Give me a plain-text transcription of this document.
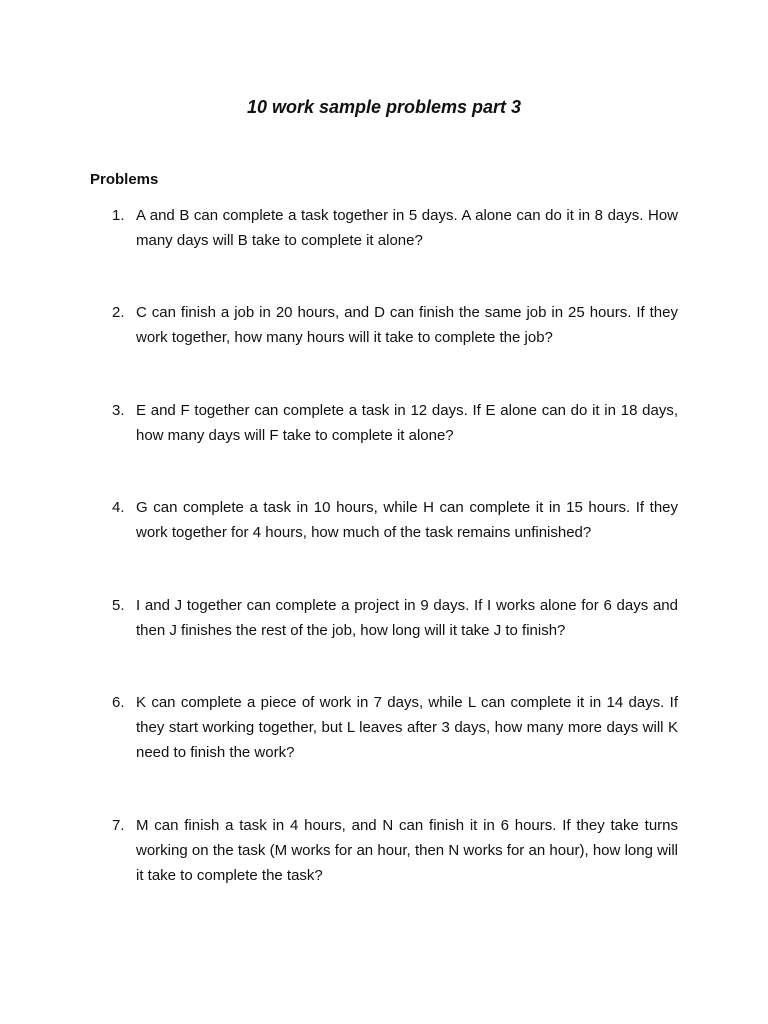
10 work sample problems part 3
Problems
1. A and B can complete a task together in 5 days. A alone can do it in 8 days. How many days will B take to complete it alone?
2. C can finish a job in 20 hours, and D can finish the same job in 25 hours. If they work together, how many hours will it take to complete the job?
3. E and F together can complete a task in 12 days. If E alone can do it in 18 days, how many days will F take to complete it alone?
4. G can complete a task in 10 hours, while H can complete it in 15 hours. If they work together for 4 hours, how much of the task remains unfinished?
5. I and J together can complete a project in 9 days. If I works alone for 6 days and then J finishes the rest of the job, how long will it take J to finish?
6. K can complete a piece of work in 7 days, while L can complete it in 14 days. If they start working together, but L leaves after 3 days, how many more days will K need to finish the work?
7. M can finish a task in 4 hours, and N can finish it in 6 hours. If they take turns working on the task (M works for an hour, then N works for an hour), how long will it take to complete the task?
